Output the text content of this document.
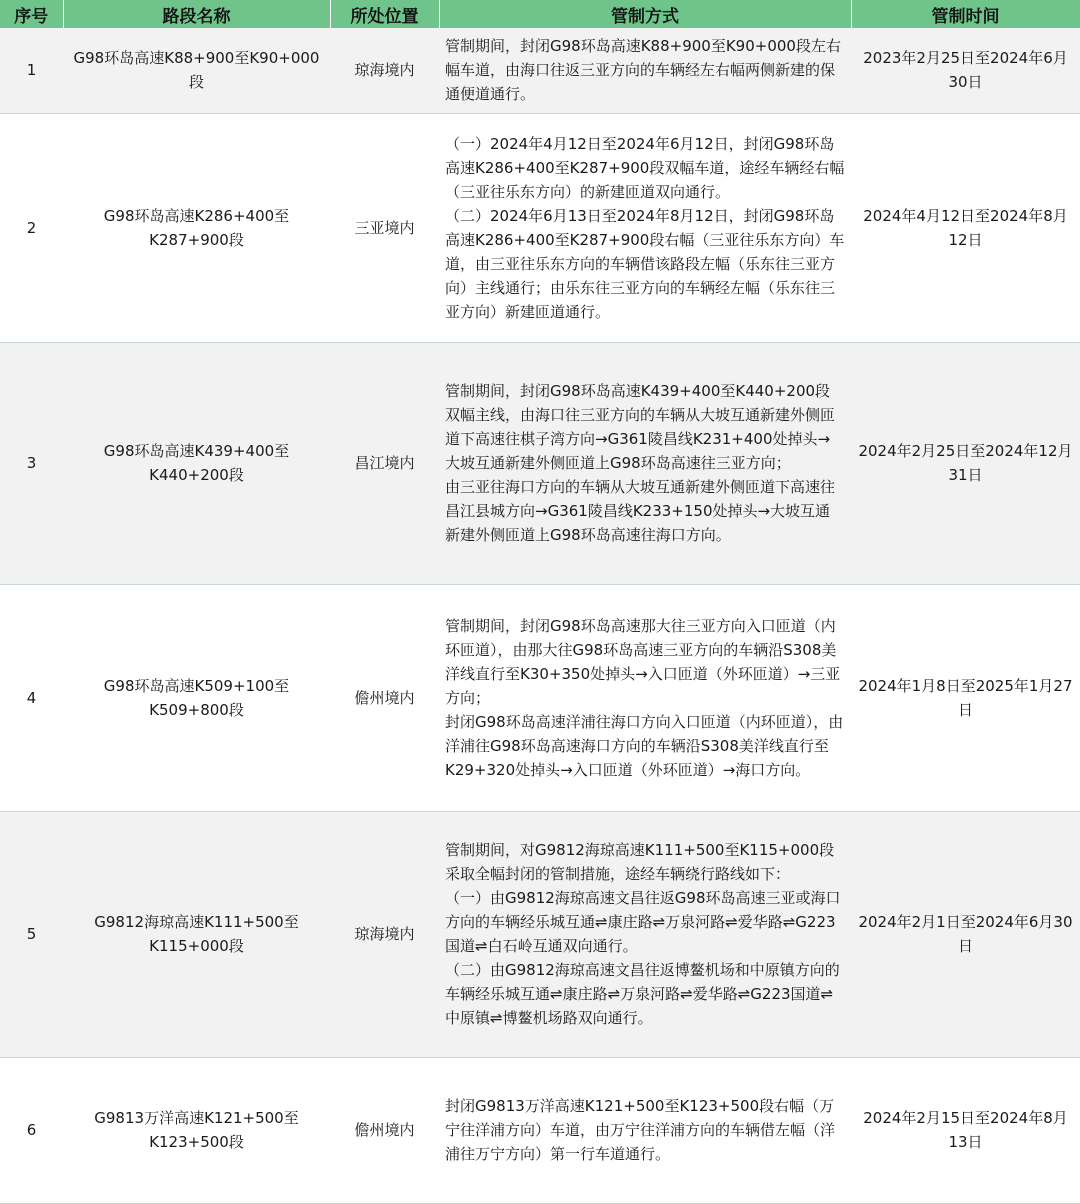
序号	路段名称	所处位置	管制方式	管制时间
1	G98环岛高速K88+900至K90+000段	琼海境内	管制期间，封闭G98环岛高速K88+900至K90+000段左右幅车道，由海口往返三亚方向的车辆经左右幅两侧新建的保通便道通行。	2023年2月25日至2024年6月30日
2	G98环岛高速K286+400至K287+900段	三亚境内	（一）2024年4月12日至2024年6月12日，封闭G98环岛高速K286+400至K287+900段双幅车道，途经车辆经右幅（三亚往乐东方向）的新建匝道双向通行。
（二）2024年6月13日至2024年8月12日，封闭G98环岛高速K286+400至K287+900段右幅（三亚往乐东方向）车道，由三亚往乐东方向的车辆借该路段左幅（乐东往三亚方向）主线通行；由乐东往三亚方向的车辆经左幅（乐东往三亚方向）新建匝道通行。	2024年4月12日至2024年8月12日
3	G98环岛高速K439+400至K440+200段	昌江境内	管制期间，封闭G98环岛高速K439+400至K440+200段双幅主线，由海口往三亚方向的车辆从大坡互通新建外侧匝道下高速往棋子湾方向→G361陵昌线K231+400处掉头→大坡互通新建外侧匝道上G98环岛高速往三亚方向；
由三亚往海口方向的车辆从大坡互通新建外侧匝道下高速往昌江县城方向→G361陵昌线K233+150处掉头→大坡互通新建外侧匝道上G98环岛高速往海口方向。	2024年2月25日至2024年12月31日
4	G98环岛高速K509+100至K509+800段	儋州境内	管制期间，封闭G98环岛高速那大往三亚方向入口匝道（内环匝道），由那大往G98环岛高速三亚方向的车辆沿S308美洋线直行至K30+350处掉头→入口匝道（外环匝道）→三亚方向；
封闭G98环岛高速洋浦往海口方向入口匝道（内环匝道），由洋浦往G98环岛高速海口方向的车辆沿S308美洋线直行至K29+320处掉头→入口匝道（外环匝道）→海口方向。	2024年1月8日至2025年1月27日
5	G9812海琼高速K111+500至K115+000段	琼海境内	管制期间，对G9812海琼高速K111+500至K115+000段采取全幅封闭的管制措施，途经车辆绕行路线如下：
（一）由G9812海琼高速文昌往返G98环岛高速三亚或海口方向的车辆经乐城互通⇌康庄路⇌万泉河路⇌爱华路⇌G223国道⇌白石岭互通双向通行。
（二）由G9812海琼高速文昌往返博鳌机场和中原镇方向的车辆经乐城互通⇌康庄路⇌万泉河路⇌爱华路⇌G223国道⇌中原镇⇌博鳌机场路双向通行。	2024年2月1日至2024年6月30日
6	G9813万洋高速K121+500至K123+500段	儋州境内	封闭G9813万洋高速K121+500至K123+500段右幅（万宁往洋浦方向）车道，由万宁往洋浦方向的车辆借左幅（洋浦往万宁方向）第一行车道通行。	2024年2月15日至2024年8月13日
